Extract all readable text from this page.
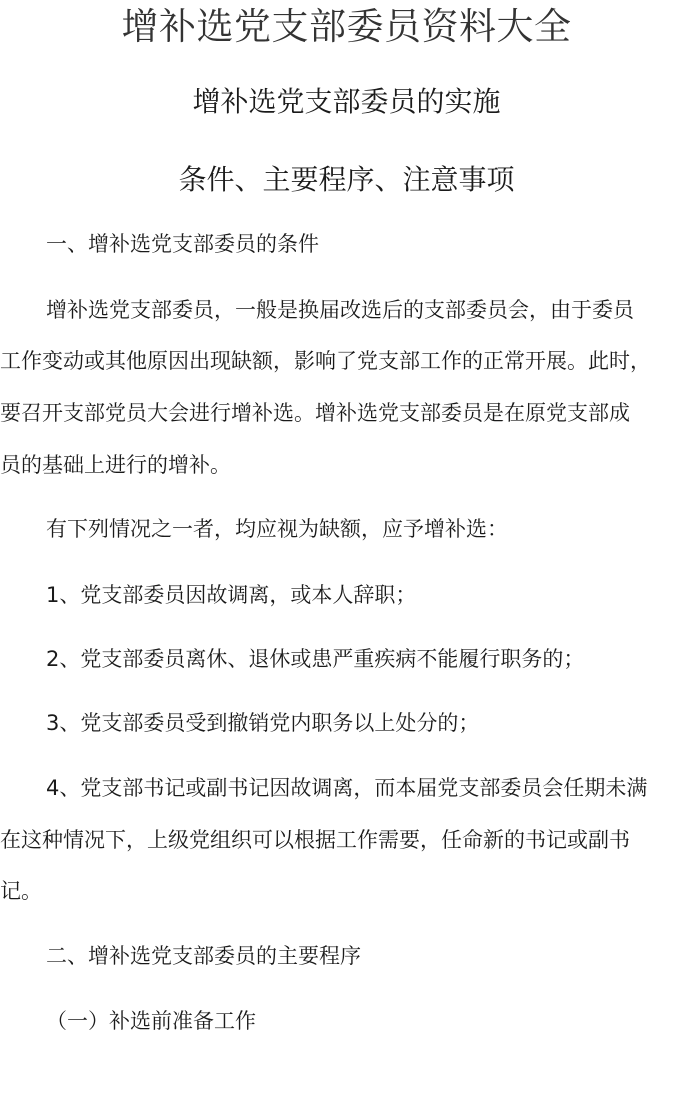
增补选党支部委员资料大全
增补选党支部委员的实施
条件、主要程序、注意事项
一、增补选党支部委员的条件
增补选党支部委员，一般是换届改选后的支部委员会，由于委员
工作变动或其他原因出现缺额，影响了党支部工作的正常开展。此时，
要召开支部党员大会进行增补选。增补选党支部委员是在原党支部成
员的基础上进行的增补。
有下列情况之一者，均应视为缺额，应予增补选：
1、党支部委员因故调离，或本人辞职；
2、党支部委员离休、退休或患严重疾病不能履行职务的；
3、党支部委员受到撤销党内职务以上处分的；
4、党支部书记或副书记因故调离，而本届党支部委员会任期未满
在这种情况下，上级党组织可以根据工作需要，任命新的书记或副书
记。
二、增补选党支部委员的主要程序
（一）补选前准备工作
